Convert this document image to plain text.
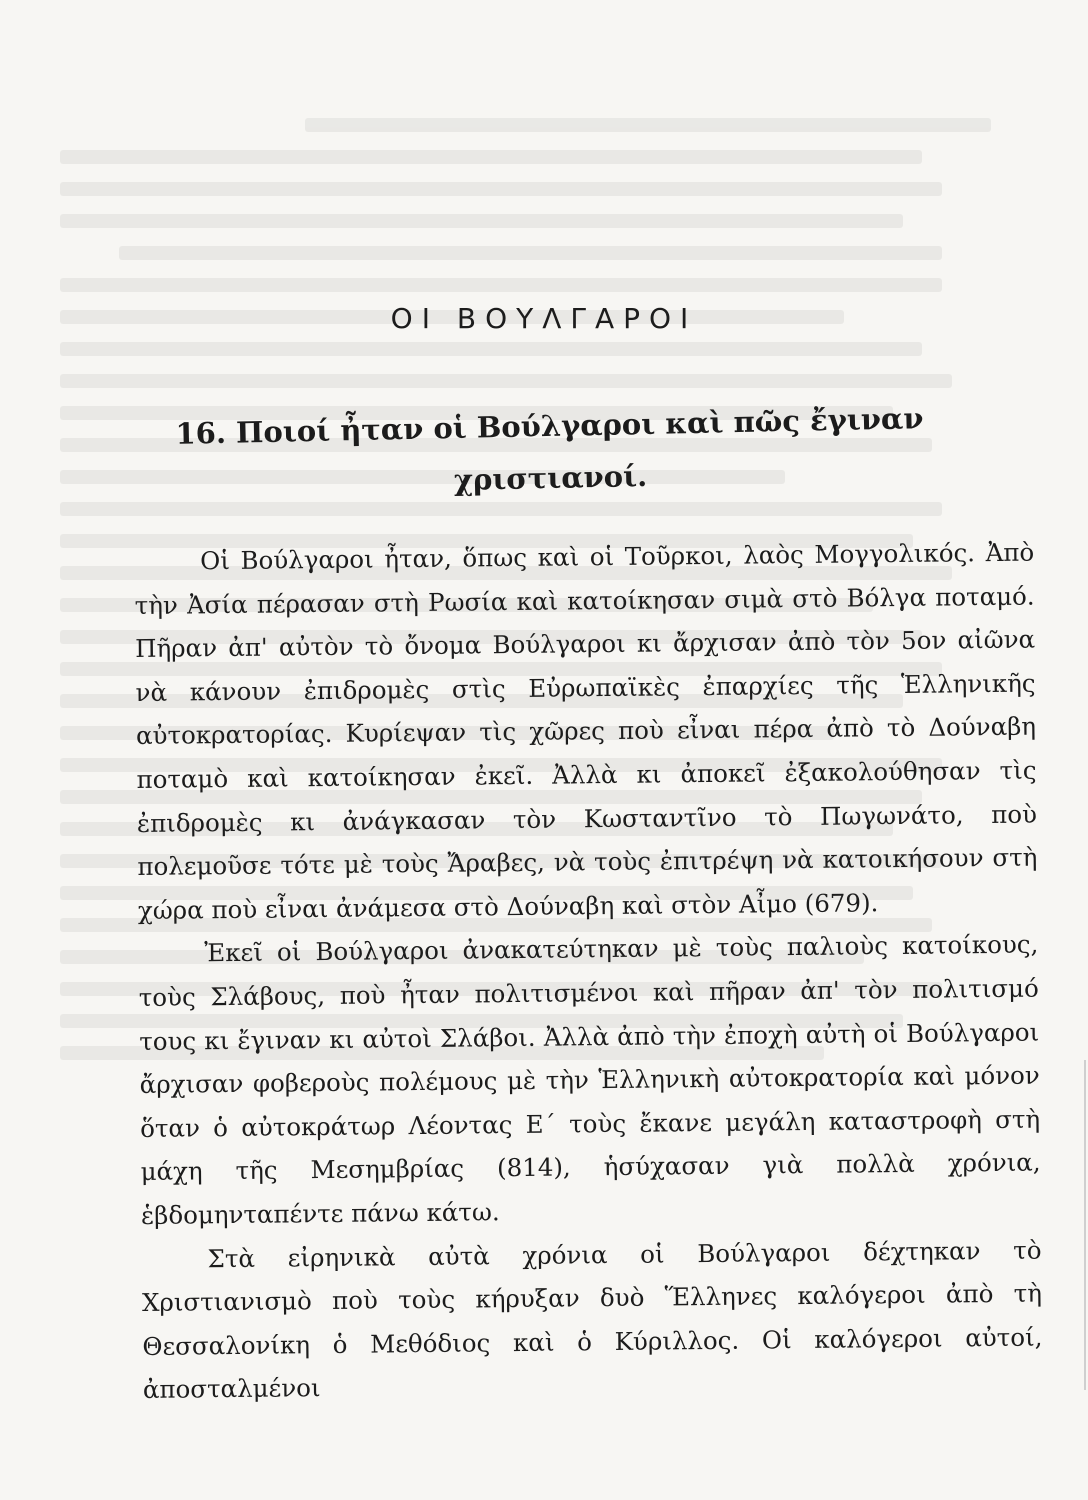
ΟΙ ΒΟΥΛΓΑΡΟΙ
16. Ποιοί ἦταν οἱ Βούλγαροι καὶ πῶς ἔγιναν
χριστιανοί.

Οἱ Βούλγαροι ἦταν, ὅπως καὶ οἱ Τοῦρκοι, λαὸς Μογγολικός. Ἀπὸ τὴν Ἀσία πέρασαν στὴ Ρωσία καὶ κατοίκησαν σιμὰ στὸ Βόλγα ποταμό. Πῆραν ἀπ' αὐτὸν τὸ ὄνομα Βούλγαροι κι ἄρχισαν ἀπὸ τὸν 5ον αἰῶνα νὰ κάνουν ἐπιδρομὲς στὶς Εὐρωπαϊκὲς ἐπαρχίες τῆς Ἑλληνικῆς αὐτοκρατορίας. Κυρίεψαν τὶς χῶρες ποὺ εἶναι πέρα ἀπὸ τὸ Δούναβη ποταμὸ καὶ κατοίκησαν ἐκεῖ. Ἀλλὰ κι ἀποκεῖ ἐξακολούθησαν τὶς ἐπιδρομὲς κι ἀνάγκασαν τὸν Κωσταντῖνο τὸ Πωγωνάτο, ποὺ πολεμοῦσε τότε μὲ τοὺς Ἄραβες, νὰ τοὺς ἐπιτρέψη νὰ κατοικήσουν στὴ χώρα ποὺ εἶναι ἀνάμεσα στὸ Δούναβη καὶ στὸν Αἶμο (679).

Ἐκεῖ οἱ Βούλγαροι ἀνακατεύτηκαν μὲ τοὺς παλιοὺς κατοίκους, τοὺς Σλάβους, ποὺ ἦταν πολιτισμένοι καὶ πῆραν ἀπ' τὸν πολιτισμό τους κι ἔγιναν κι αὐτοὶ Σλάβοι. Ἀλλὰ ἀπὸ τὴν ἐποχὴ αὐτὴ οἱ Βούλγαροι ἄρχισαν φοβεροὺς πολέμους μὲ τὴν Ἑλληνικὴ αὐτοκρατορία καὶ μόνον ὅταν ὁ αὐτοκράτωρ Λέοντας Ε΄ τοὺς ἔκανε μεγάλη καταστροφὴ στὴ μάχη τῆς Μεσημβρίας (814), ἡσύχασαν γιὰ πολλὰ χρόνια, ἑβδομηνταπέντε πάνω κάτω.

Στὰ εἰρηνικὰ αὐτὰ χρόνια οἱ Βούλγαροι δέχτηκαν τὸ Χριστιανισμὸ ποὺ τοὺς κήρυξαν δυὸ Ἕλληνες καλόγεροι ἀπὸ τὴ Θεσσαλονίκη ὁ Μεθόδιος καὶ ὁ Κύριλλος. Οἱ καλόγεροι αὐτοί, ἀποσταλμένοι
